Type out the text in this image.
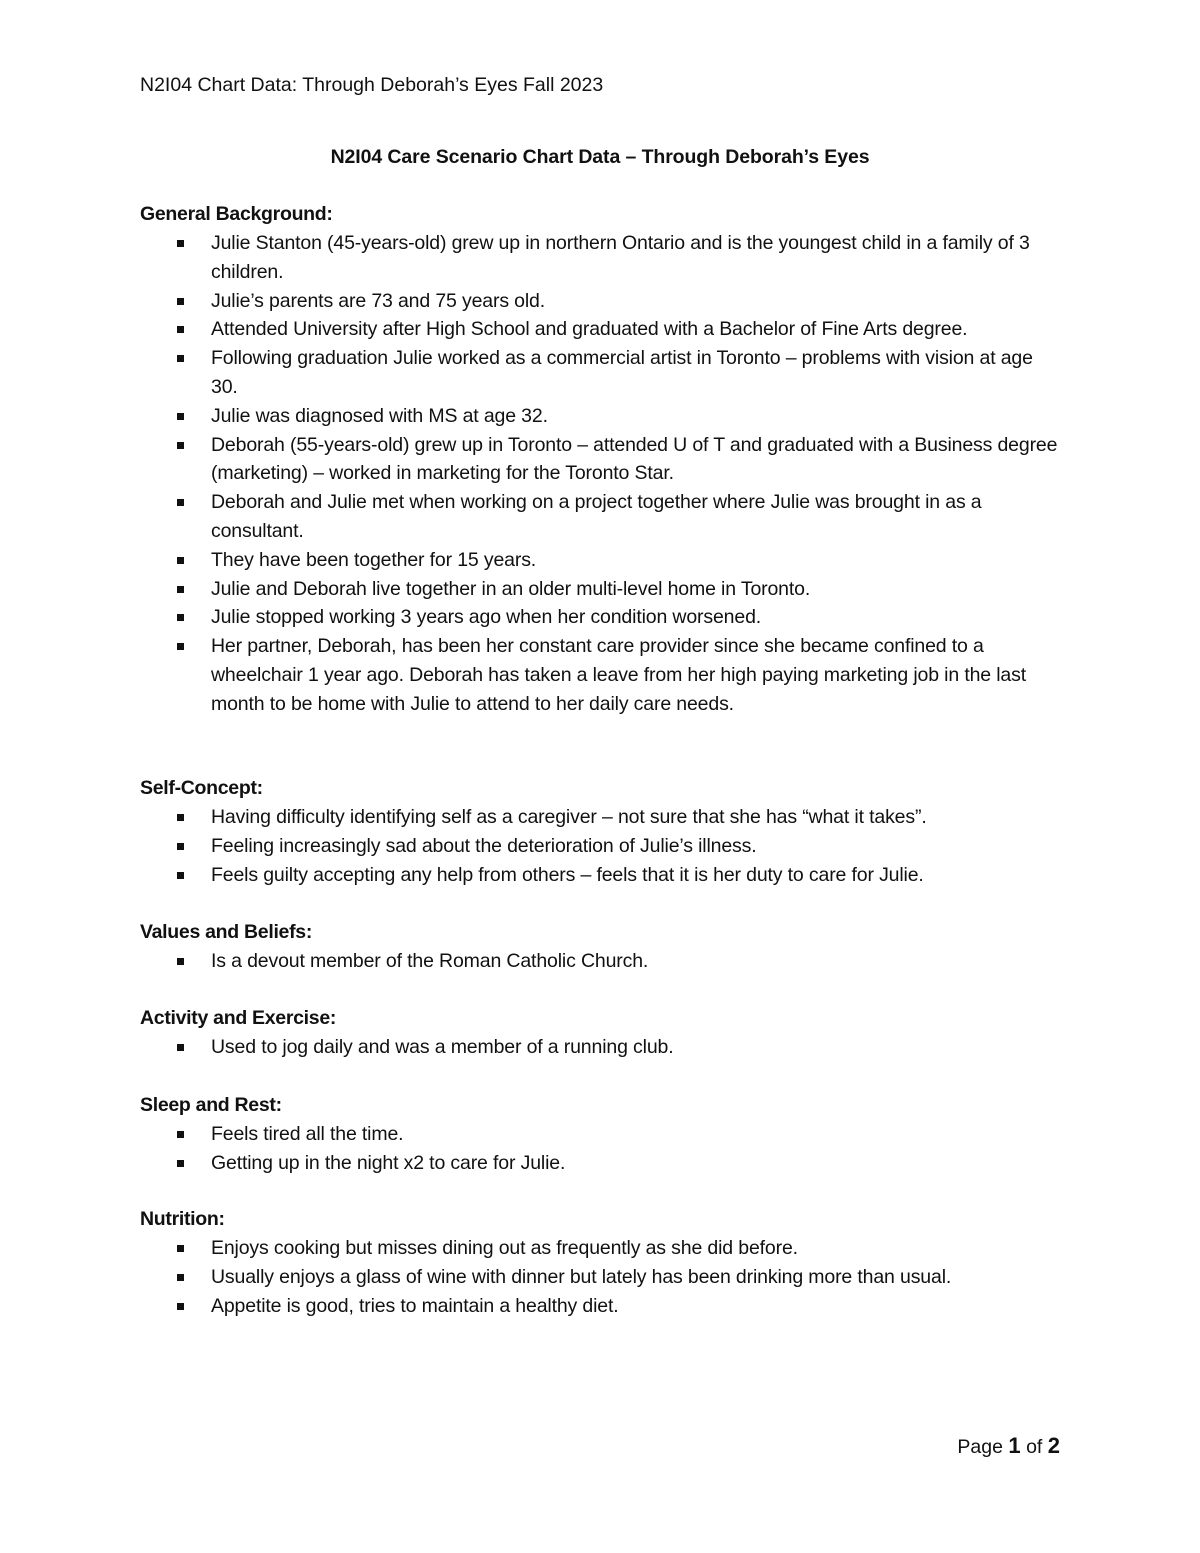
N2I04 Chart Data: Through Deborah’s Eyes Fall 2023
N2I04 Care Scenario Chart Data – Through Deborah’s Eyes
General Background:
Julie Stanton (45-years-old) grew up in northern Ontario and is the youngest child in a family of 3 children.
Julie’s parents are 73 and 75 years old.
Attended University after High School and graduated with a Bachelor of Fine Arts degree.
Following graduation Julie worked as a commercial artist in Toronto – problems with vision at age 30.
Julie was diagnosed with MS at age 32.
Deborah (55-years-old) grew up in Toronto – attended U of T and graduated with a Business degree (marketing) – worked in marketing for the Toronto Star.
Deborah and Julie met when working on a project together where Julie was brought in as a consultant.
They have been together for 15 years.
Julie and Deborah live together in an older multi-level home in Toronto.
Julie stopped working 3 years ago when her condition worsened.
Her partner, Deborah, has been her constant care provider since she became confined to a wheelchair 1 year ago. Deborah has taken a leave from her high paying marketing job in the last month to be home with Julie to attend to her daily care needs.
Self-Concept:
Having difficulty identifying self as a caregiver – not sure that she has “what it takes”.
Feeling increasingly sad about the deterioration of Julie’s illness.
Feels guilty accepting any help from others – feels that it is her duty to care for Julie.
Values and Beliefs:
Is a devout member of the Roman Catholic Church.
Activity and Exercise:
Used to jog daily and was a member of a running club.
Sleep and Rest:
Feels tired all the time.
Getting up in the night x2 to care for Julie.
Nutrition:
Enjoys cooking but misses dining out as frequently as she did before.
Usually enjoys a glass of wine with dinner but lately has been drinking more than usual.
Appetite is good, tries to maintain a healthy diet.
Page 1 of 2
